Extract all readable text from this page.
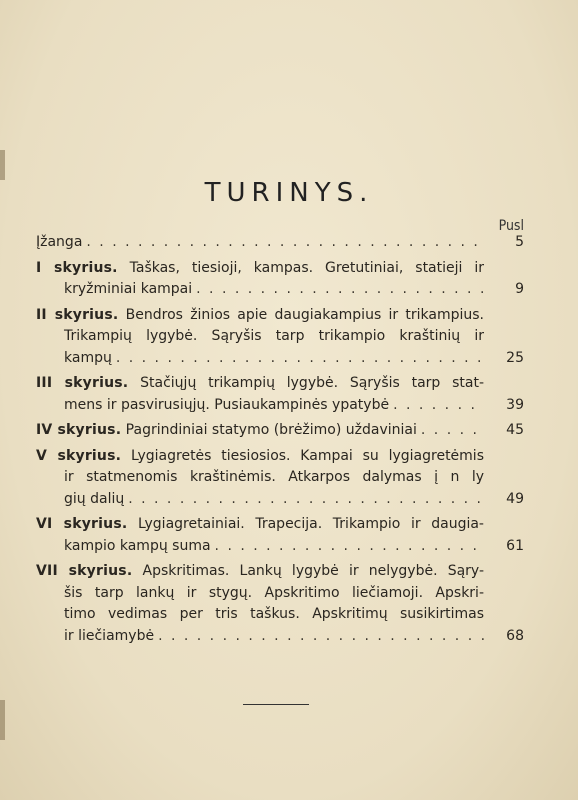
TURINYS.
Pusl
Įžanga . . .	5
I skyrius. Taškas, tiesioji, kampas. Gretutiniai, statieji ir
kryžminiai kampai . . .	9
II skyrius. Bendros žinios apie daugiakampius ir trikampius.
Trikampių lygybė. Sąryšis tarp trikampio kraštinių ir
kampų . . .	25
III skyrius. Stačiųjų trikampių lygybė. Sąryšis tarp stat-
mens ir pasvirusiųjų. Pusiaukampinės ypatybė . . .	39
IV skyrius. Pagrindiniai statymo (brėžimo) uždaviniai . . .	45
V skyrius. Lygiagretės tiesiosios. Kampai su lygiagretėmis
ir statmenomis kraštinėmis. Atkarpos dalymas į n ly
gių dalių . . .	49
VI skyrius. Lygiagretainiai. Trapecija. Trikampio ir daugia-
kampio kampų suma . . .	61
VII skyrius. Apskritimas. Lankų lygybė ir nelygybė. Sąry-
šis tarp lankų ir stygų. Apskritimo liečiamoji. Apskri-
timo vedimas per tris taškus. Apskritimų susikirtimas
ir liečiamybė . . .	68
